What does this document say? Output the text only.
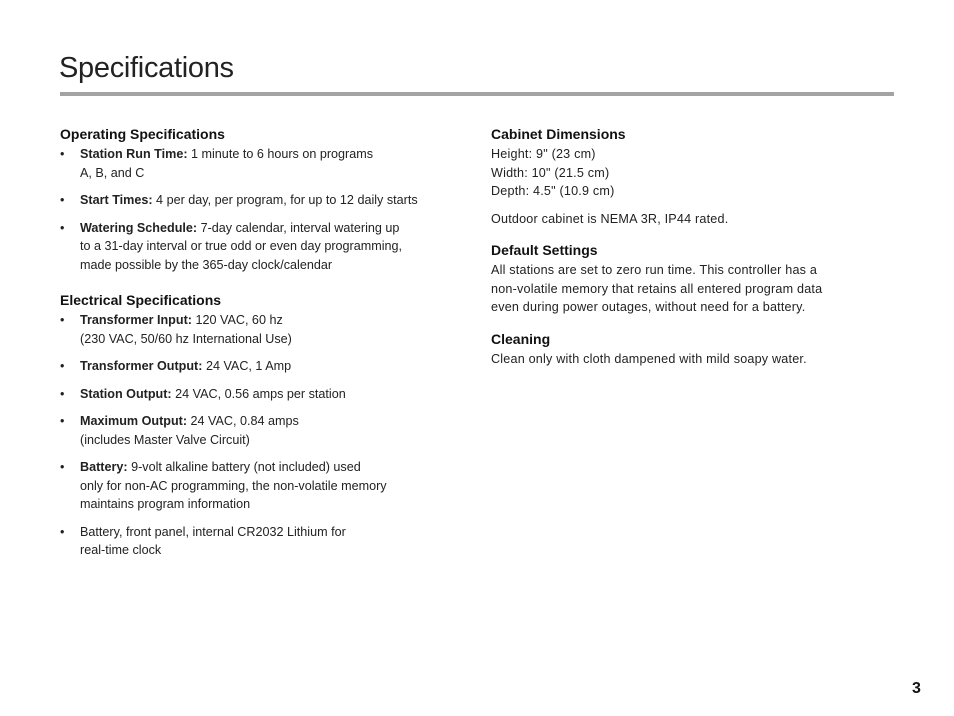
Specifications
Operating Specifications
• Station Run Time: 1 minute to 6 hours on programs
A, B, and C
• Start Times: 4 per day, per program, for up to 12 daily starts
• Watering Schedule: 7-day calendar, interval watering up
to a 31-day interval or true odd or even day programming,
made possible by the 365-day clock/calendar
Electrical Specifications
• Transformer Input: 120 VAC, 60 hz
(230 VAC, 50/60 hz International Use)
• Transformer Output: 24 VAC, 1 Amp
• Station Output: 24 VAC, 0.56 amps per station
• Maximum Output: 24 VAC, 0.84 amps
(includes Master Valve Circuit)
• Battery: 9-volt alkaline battery (not included) used
only for non-AC programming, the non-volatile memory
maintains program information
• Battery, front panel, internal CR2032 Lithium for
real-time clock
Cabinet Dimensions

Height: 9" (23 cm)
Width: 10" (21.5 cm)
Depth: 4.5" (10.9 cm)

Outdoor cabinet is NEMA 3R, IP44 rated.

Default Settings

All stations are set to zero run time. This controller has a
non-volatile memory that retains all entered program data
even during power outages, without need for a battery.

Cleaning

Clean only with cloth dampened with mild soapy water.

3
